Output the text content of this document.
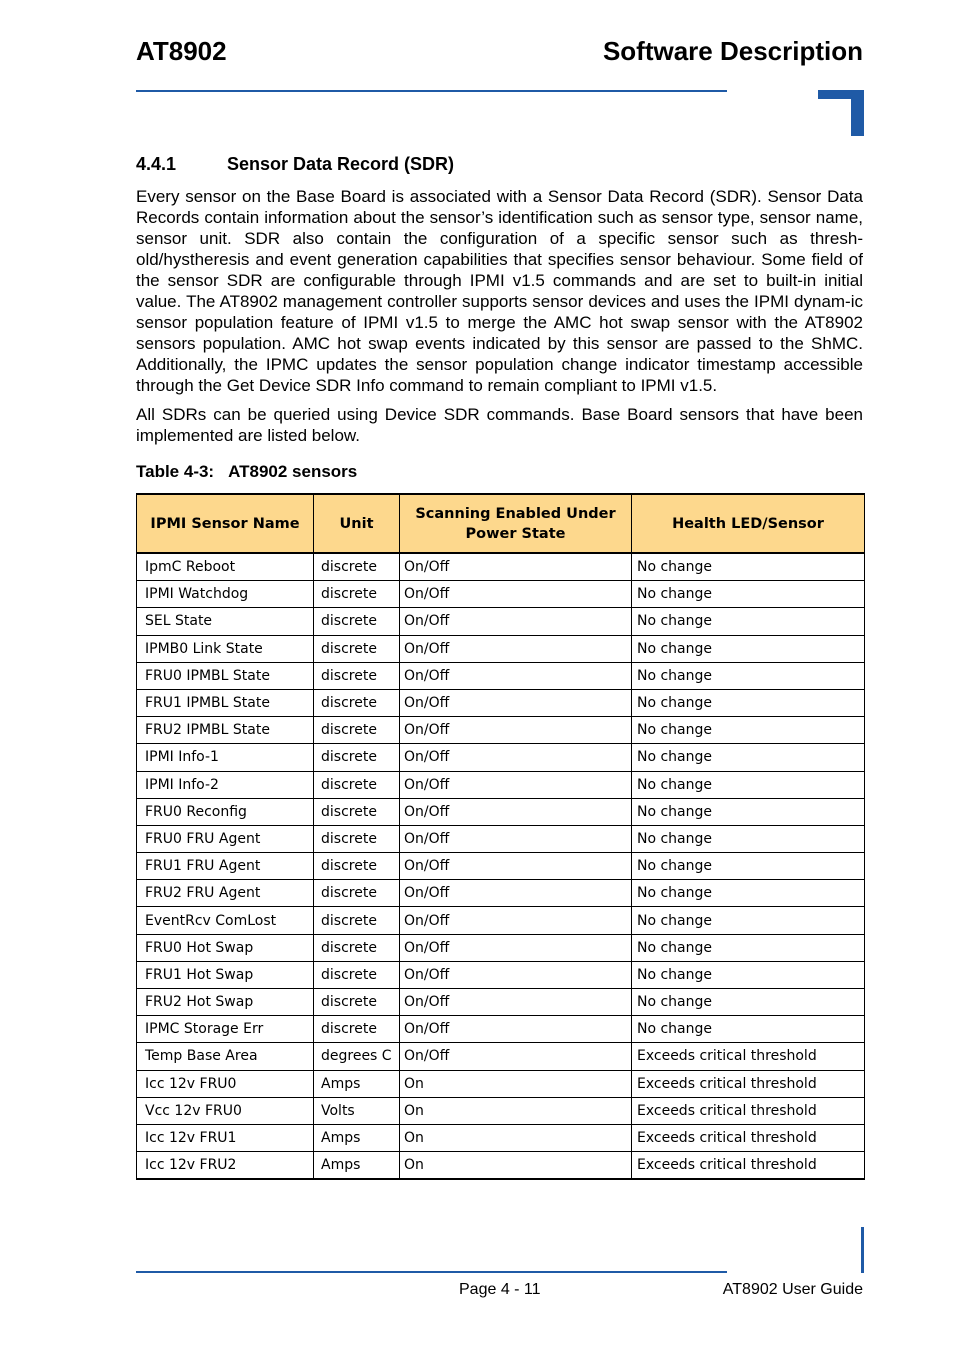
AT8902	Software Description
4.4.1	Sensor Data Record (SDR)
Every sensor on the Base Board is associated with a Sensor Data Record (SDR). Sensor Data Records contain information about the sensor’s identification such as sensor type, sensor name, sensor unit. SDR also contain the configuration of a specific sensor such as thresh-old/hystheresis and event generation capabilities that specifies sensor behaviour. Some field of the sensor SDR are configurable through IPMI v1.5 commands and are set to built-in initial value. The AT8902 management controller supports sensor devices and uses the IPMI dynam-ic sensor population feature of IPMI v1.5 to merge the AMC hot swap sensor with the AT8902 sensors population. AMC hot swap events indicated by this sensor are passed to the ShMC. Additionally, the IPMC updates the sensor population change indicator timestamp accessible through the Get Device SDR Info command to remain compliant to IPMI v1.5.
All SDRs can be queried using Device SDR commands. Base Board sensors that have been implemented are listed below.
Table 4-3: AT8902 sensors
IPMI Sensor Name	Unit	Scanning Enabled Under Power State	Health LED/Sensor
IpmC Reboot	discrete	On/Off	No change
IPMI Watchdog	discrete	On/Off	No change
SEL State	discrete	On/Off	No change
IPMB0 Link State	discrete	On/Off	No change
FRU0 IPMBL State	discrete	On/Off	No change
FRU1 IPMBL State	discrete	On/Off	No change
FRU2 IPMBL State	discrete	On/Off	No change
IPMI Info-1	discrete	On/Off	No change
IPMI Info-2	discrete	On/Off	No change
FRU0 Reconfig	discrete	On/Off	No change
FRU0 FRU Agent	discrete	On/Off	No change
FRU1 FRU Agent	discrete	On/Off	No change
FRU2 FRU Agent	discrete	On/Off	No change
EventRcv ComLost	discrete	On/Off	No change
FRU0 Hot Swap	discrete	On/Off	No change
FRU1 Hot Swap	discrete	On/Off	No change
FRU2 Hot Swap	discrete	On/Off	No change
IPMC Storage Err	discrete	On/Off	No change
Temp Base Area	degrees C	On/Off	Exceeds critical threshold
Icc 12v FRU0	Amps	On	Exceeds critical threshold
Vcc 12v FRU0	Volts	On	Exceeds critical threshold
Icc 12v FRU1	Amps	On	Exceeds critical threshold
Icc 12v FRU2	Amps	On	Exceeds critical threshold
Page 4 - 11	AT8902 User Guide
